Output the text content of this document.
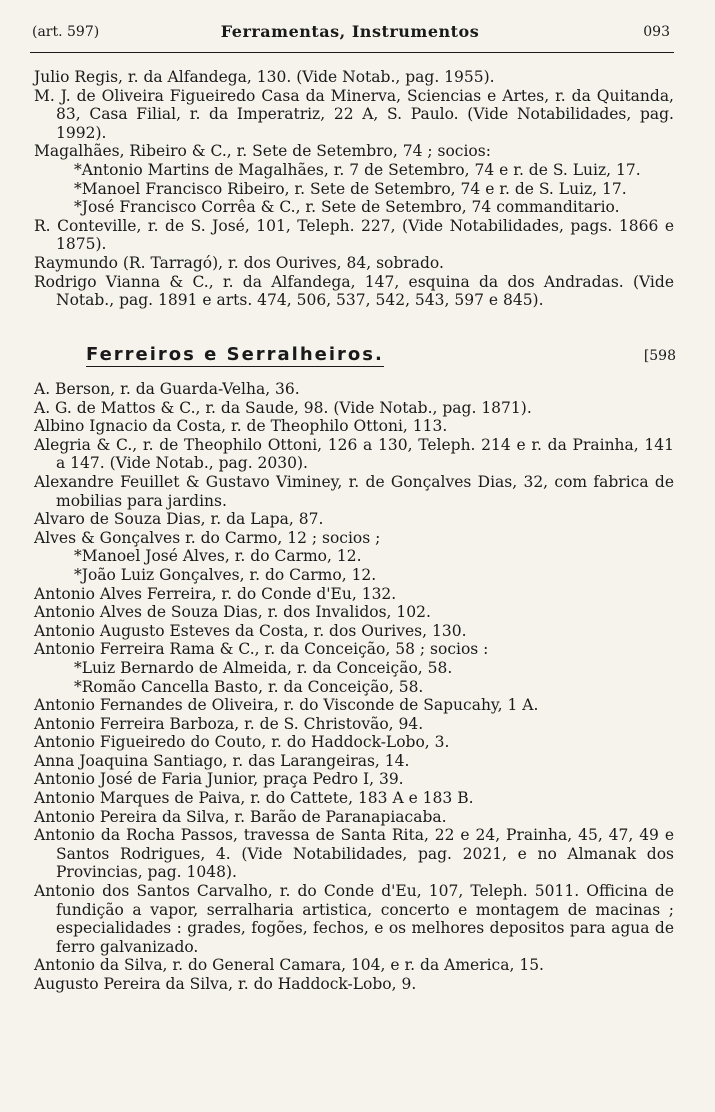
(art. 597)	Ferramentas, Instrumentos	093
Julio Regis, r. da Alfandega, 130. (Vide Notab., pag. 1955).
M. J. de Oliveira Figueiredo Casa da Minerva, Sciencias e Artes, r. da Quitanda, 83, Casa Filial, r. da Imperatriz, 22 A, S. Paulo. (Vide Notabilidades, pag. 1992).
Magalhães, Ribeiro & C., r. Sete de Setembro, 74 ; socios:
*Antonio Martins de Magalhães, r. 7 de Setembro, 74 e r. de S. Luiz, 17.
*Manoel Francisco Ribeiro, r. Sete de Setembro, 74 e r. de S. Luiz, 17.
*José Francisco Corrêa & C., r. Sete de Setembro, 74 commanditario.
R. Conteville, r. de S. José, 101, Teleph. 227, (Vide Notabilidades, pags. 1866 e 1875).
Raymundo (R. Tarragó), r. dos Ourives, 84, sobrado.
Rodrigo Vianna & C., r. da Alfandega, 147, esquina da dos Andradas. (Vide Notab., pag. 1891 e arts. 474, 506, 537, 542, 543, 597 e 845).
Ferreiros e Serralheiros.	[598
A. Berson, r. da Guarda-Velha, 36.
A. G. de Mattos & C., r. da Saude, 98. (Vide Notab., pag. 1871).
Albino Ignacio da Costa, r. de Theophilo Ottoni, 113.
Alegria & C., r. de Theophilo Ottoni, 126 a 130, Teleph. 214 e r. da Prainha, 141 a 147. (Vide Notab., pag. 2030).
Alexandre Feuillet & Gustavo Viminey, r. de Gonçalves Dias, 32, com fabrica de mobilias para jardins.
Alvaro de Souza Dias, r. da Lapa, 87.
Alves & Gonçalves r. do Carmo, 12 ; socios ;
*Manoel José Alves, r. do Carmo, 12.
*João Luiz Gonçalves, r. do Carmo, 12.
Antonio Alves Ferreira, r. do Conde d'Eu, 132.
Antonio Alves de Souza Dias, r. dos Invalidos, 102.
Antonio Augusto Esteves da Costa, r. dos Ourives, 130.
Antonio Ferreira Rama & C., r. da Conceição, 58 ; socios :
*Luiz Bernardo de Almeida, r. da Conceição, 58.
*Romão Cancella Basto, r. da Conceição, 58.
Antonio Fernandes de Oliveira, r. do Visconde de Sapucahy, 1 A.
Antonio Ferreira Barboza, r. de S. Christovão, 94.
Antonio Figueiredo do Couto, r. do Haddock-Lobo, 3.
Anna Joaquina Santiago, r. das Larangeiras, 14.
Antonio José de Faria Junior, praça Pedro I, 39.
Antonio Marques de Paiva, r. do Cattete, 183 A e 183 B.
Antonio Pereira da Silva, r. Barão de Paranapiacaba.
Antonio da Rocha Passos, travessa de Santa Rita, 22 e 24, Prainha, 45, 47, 49 e Santos Rodrigues, 4. (Vide Notabilidades, pag. 2021, e no Almanak dos Provincias, pag. 1048).
Antonio dos Santos Carvalho, r. do Conde d'Eu, 107, Teleph. 5011. Officina de fundição a vapor, serralharia artistica, concerto e montagem de macinas ; especialidades : grades, fogões, fechos, e os melhores depositos para agua de ferro galvanizado.
Antonio da Silva, r. do General Camara, 104, e r. da America, 15.
Augusto Pereira da Silva, r. do Haddock-Lobo, 9.
